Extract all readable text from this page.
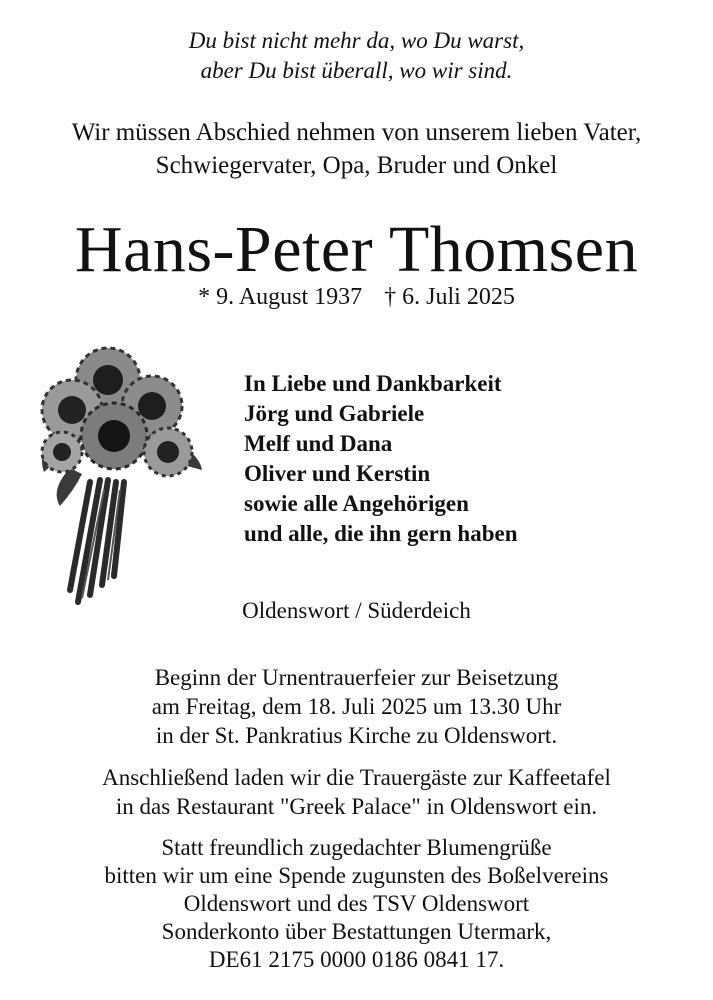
Du bist nicht mehr da, wo Du warst,
aber Du bist überall, wo wir sind.
Wir müssen Abschied nehmen von unserem lieben Vater,
Schwiegervater, Opa, Bruder und Onkel
Hans-Peter Thomsen
* 9. August 1937 † 6. Juli 2025
In Liebe und Dankbarkeit
Jörg und Gabriele
Melf und Dana
Oliver und Kerstin
sowie alle Angehörigen
und alle, die ihn gern haben
Oldenswort / Süderdeich
Beginn der Urnentrauerfeier zur Beisetzung
am Freitag, dem 18. Juli 2025 um 13.30 Uhr
in der St. Pankratius Kirche zu Oldenswort.
Anschließend laden wir die Trauergäste zur Kaffeetafel
in das Restaurant "Greek Palace" in Oldenswort ein.
Statt freundlich zugedachter Blumengrüße
bitten wir um eine Spende zugunsten des Boßelvereins
Oldenswort und des TSV Oldenswort
Sonderkonto über Bestattungen Utermark,
DE61 2175 0000 0186 0841 17.
